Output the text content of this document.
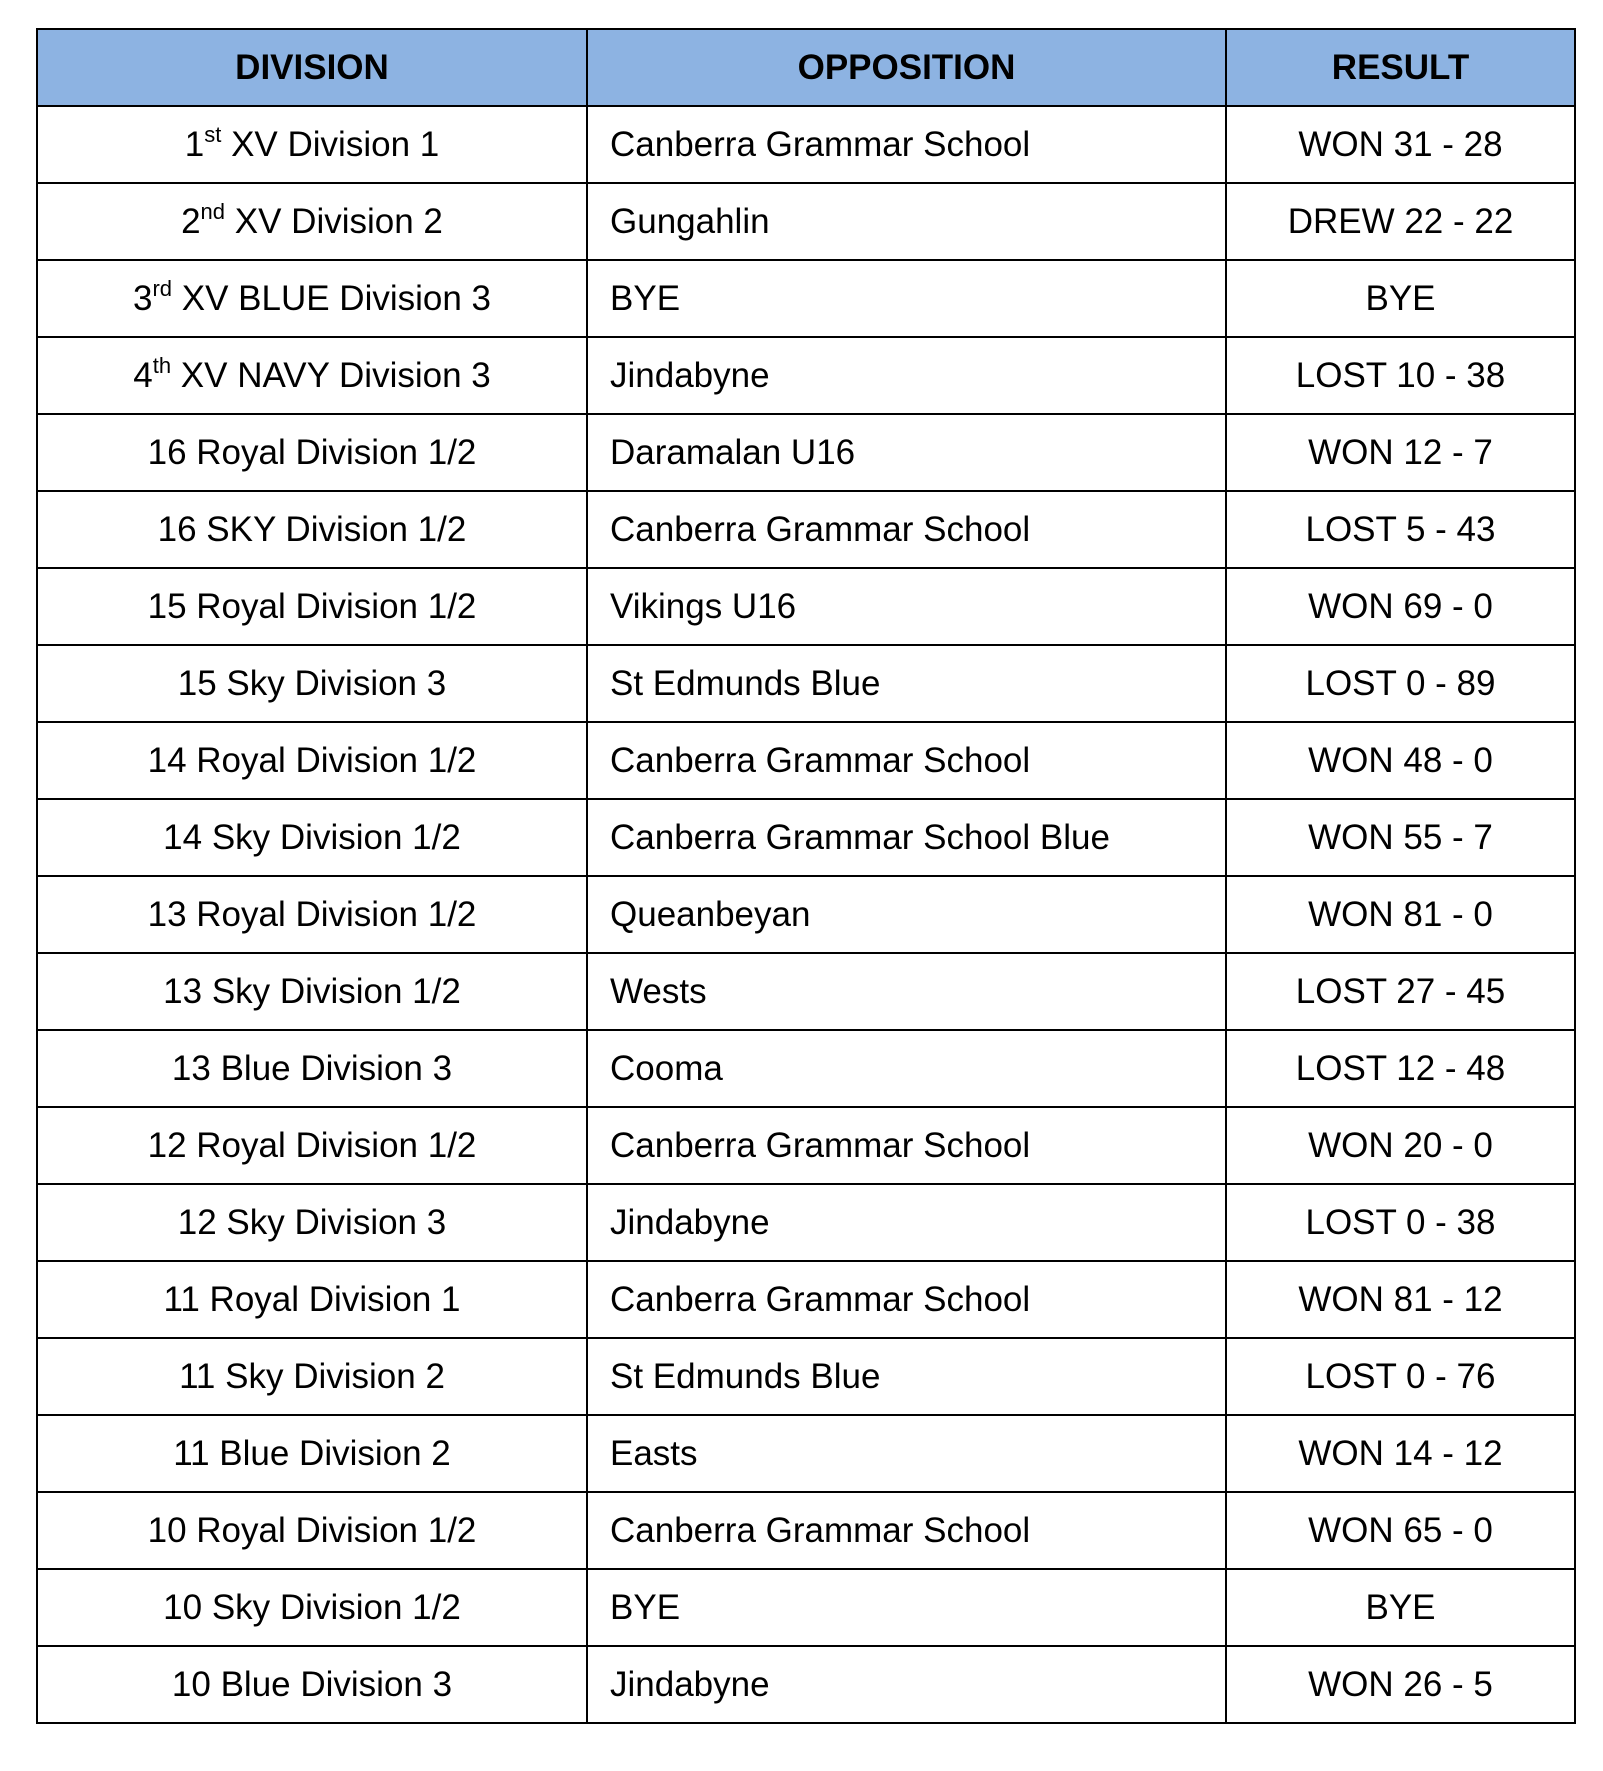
DIVISION	OPPOSITION	RESULT
1st XV Division 1	Canberra Grammar School	WON 31 - 28
2nd XV Division 2	Gungahlin	DREW 22 - 22
3rd XV BLUE Division 3	BYE	BYE
4th XV NAVY Division 3	Jindabyne	LOST 10 - 38
16 Royal Division 1/2	Daramalan U16	WON 12 - 7
16 SKY Division 1/2	Canberra Grammar School	LOST 5 - 43
15 Royal Division 1/2	Vikings U16	WON 69 - 0
15 Sky Division 3	St Edmunds Blue	LOST 0 - 89
14 Royal Division 1/2	Canberra Grammar School	WON 48 - 0
14 Sky Division 1/2	Canberra Grammar School Blue	WON 55 - 7
13 Royal Division 1/2	Queanbeyan	WON 81 - 0
13 Sky Division 1/2	Wests	LOST 27 - 45
13 Blue Division 3	Cooma	LOST 12 - 48
12 Royal Division 1/2	Canberra Grammar School	WON 20 - 0
12 Sky Division 3	Jindabyne	LOST 0 - 38
11 Royal Division 1	Canberra Grammar School	WON 81 - 12
11 Sky Division 2	St Edmunds Blue	LOST 0 - 76
11 Blue Division 2	Easts	WON 14 - 12
10 Royal Division 1/2	Canberra Grammar School	WON 65 - 0
10 Sky Division 1/2	BYE	BYE
10 Blue Division 3	Jindabyne	WON 26 - 5
